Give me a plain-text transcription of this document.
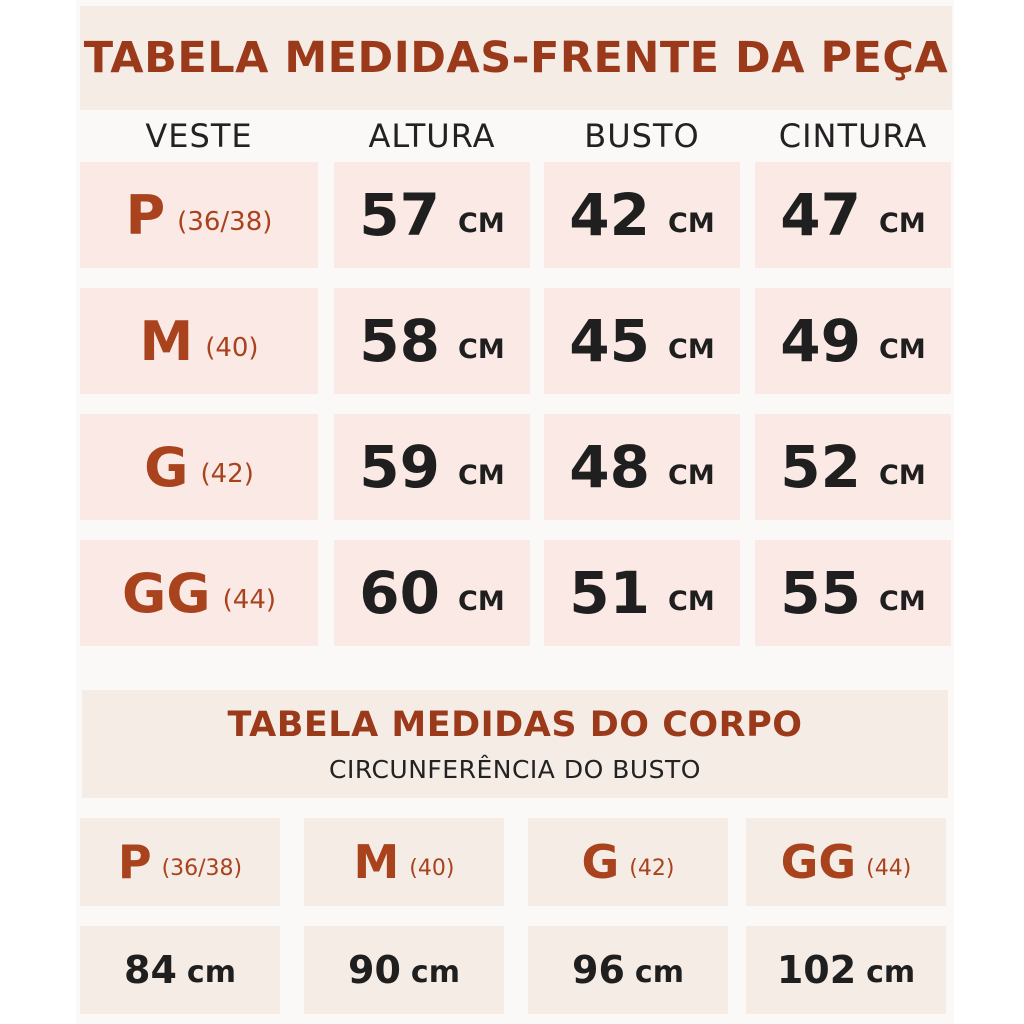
TABELA MEDIDAS-FRENTE DA PEÇA
VESTE	ALTURA	BUSTO	CINTURA
P (36/38) 57 CM 42 CM 47 CM
M (40) 58 CM 45 CM 49 CM
G (42) 59 CM 48 CM 52 CM
GG (44) 60 CM 51 CM 55 CM
TABELA MEDIDAS DO CORPO
CIRCUNFERÊNCIA DO BUSTO
P (36/38) M (40)	G (42) GG (44)
84 cm	90 cm	96 cm 102 cm
